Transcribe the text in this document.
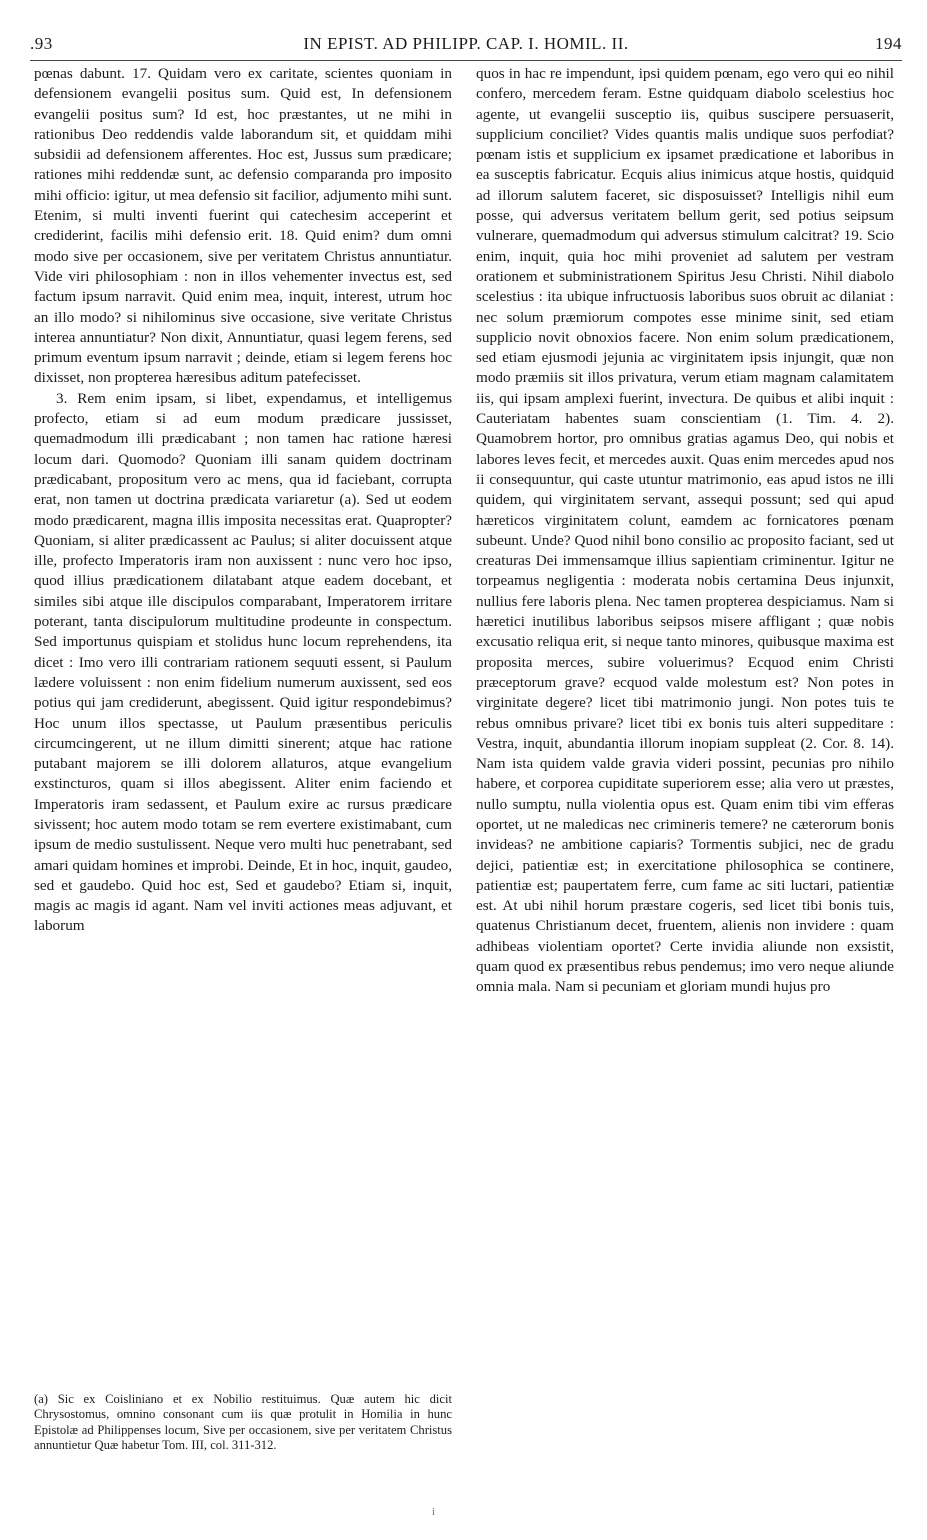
.93	IN EPIST. AD PHILIPP. CAP. I. HOMIL. II.	194

pœnas dabunt. 17. Quidam vero ex caritate, scientes quoniam in defensionem evangelii positus sum. Quid est, In defensionem evangelii positus sum? Id est, hoc præstantes, ut ne mihi in rationibus Deo reddendis valde laborandum sit, et quiddam mihi subsidii ad defensionem afferentes. Hoc est, Jussus sum prædicare; rationes mihi reddendæ sunt, ac defensio comparanda pro imposito mihi officio: igitur, ut mea defensio sit facilior, adjumento mihi sunt. Etenim, si multi inventi fuerint qui catechesim acceperint et crediderint, facilis mihi defensio erit. 18. Quid enim? dum omni modo sive per occasionem, sive per veritatem Christus annuntiatur. Vide viri philosophiam : non in illos vehementer invectus est, sed factum ipsum narravit. Quid enim mea, inquit, interest, utrum hoc an illo modo? si nihilominus sive occasione, sive veritate Christus interea annuntiatur? Non dixit, Annuntiatur, quasi legem ferens, sed primum eventum ipsum narravit ; deinde, etiam si legem ferens hoc dixisset, non propterea hæresibus aditum patefecisset.

3. Rem enim ipsam, si libet, expendamus, et intelligemus profecto, etiam si ad eum modum prædicare jussisset, quemadmodum illi prædicabant ; non tamen hac ratione hæresi locum dari. Quomodo? Quoniam illi sanam quidem doctrinam prædicabant, propositum vero ac mens, qua id faciebant, corrupta erat, non tamen ut doctrina prædicata variaretur (a). Sed ut eodem modo prædicarent, magna illis imposita necessitas erat. Quapropter? Quoniam, si aliter prædicassent ac Paulus; si aliter docuissent atque ille, profecto Imperatoris iram non auxissent : nunc vero hoc ipso, quod illius prædicationem dilatabant atque eadem docebant, et similes sibi atque ille discipulos comparabant, Imperatorem irritare poterant, tanta discipulorum multitudine prodeunte in conspectum. Sed importunus quispiam et stolidus hunc locum reprehendens, ita dicet : Imo vero illi contrariam rationem sequuti essent, si Paulum lædere voluissent : non enim fidelium numerum auxissent, sed eos potius qui jam crediderunt, abegissent. Quid igitur respondebimus? Hoc unum illos spectasse, ut Paulum præsentibus periculis circumcingerent, ut ne illum dimitti sinerent; atque hac ratione putabant majorem se illi dolorem allaturos, atque evangelium exstincturos, quam si illos abegissent. Aliter enim faciendo et Imperatoris iram sedassent, et Paulum exire ac rursus prædicare sivissent; hoc autem modo totam se rem evertere existimabant, cum ipsum de medio sustulissent. Neque vero multi huc penetrabant, sed amari quidam homines et improbi. Deinde, Et in hoc, inquit, gaudeo, sed et gaudebo. Quid hoc est, Sed et gaudebo? Etiam si, inquit, magis ac magis id agant. Nam vel inviti actiones meas adjuvant, et laborum

quos in hac re impendunt, ipsi quidem pœnam, ego vero qui eo nihil confero, mercedem feram. Estne quidquam diabolo scelestius hoc agente, ut evangelii susceptio iis, quibus suscipere persuaserit, supplicium conciliet? Vides quantis malis undique suos perfodiat? pœnam istis et supplicium ex ipsamet prædicatione et laboribus in ea susceptis fabricatur. Ecquis alius inimicus atque hostis, quidquid ad illorum salutem faceret, sic disposuisset? Intelligis nihil eum posse, qui adversus veritatem bellum gerit, sed potius seipsum vulnerare, quemadmodum qui adversus stimulum calcitrat? 19. Scio enim, inquit, quia hoc mihi proveniet ad salutem per vestram orationem et subministrationem Spiritus Jesu Christi. Nihil diabolo scelestius : ita ubique infructuosis laboribus suos obruit ac dilaniat : nec solum præmiorum compotes esse minime sinit, sed etiam supplicio novit obnoxios facere. Non enim solum prædicationem, sed etiam ejusmodi jejunia ac virginitatem ipsis injungit, quæ non modo præmiis sit illos privatura, verum etiam magnam calamitatem iis, qui ipsam amplexi fuerint, invectura. De quibus et alibi inquit : Cauteriatam habentes suam conscientiam (1. Tim. 4. 2). Quamobrem hortor, pro omnibus gratias agamus Deo, qui nobis et labores leves fecit, et mercedes auxit. Quas enim mercedes apud nos ii consequuntur, qui caste utuntur matrimonio, eas apud istos ne illi quidem, qui virginitatem servant, assequi possunt; sed qui apud hæreticos virginitatem colunt, eamdem ac fornicatores pœnam subeunt. Unde? Quod nihil bono consilio ac proposito faciant, sed ut creaturas Dei immensamque illius sapientiam criminentur. Igitur ne torpeamus negligentia : moderata nobis certamina Deus injunxit, nullius fere laboris plena. Nec tamen propterea despiciamus. Nam si hæretici inutilibus laboribus seipsos misere affligant ; quæ nobis excusatio reliqua erit, si neque tanto minores, quibusque maxima est proposita merces, subire voluerimus? Ecquod enim Christi præceptorum grave? ecquod valde molestum est? Non potes in virginitate degere? licet tibi matrimonio jungi. Non potes tuis te rebus omnibus privare? licet tibi ex bonis tuis alteri suppeditare : Vestra, inquit, abundantia illorum inopiam suppleat (2. Cor. 8. 14). Nam ista quidem valde gravia videri possint, pecunias pro nihilo habere, et corporea cupiditate superiorem esse; alia vero ut præstes, nullo sumptu, nulla violentia opus est. Quam enim tibi vim efferas oportet, ut ne maledicas nec crimineris temere? ne cæterorum bonis invideas? ne ambitione capiaris? Tormentis subjici, nec de gradu dejici, patientiæ est; in exercitatione philosophica se continere, patientiæ est; paupertatem ferre, cum fame ac siti luctari, patientiæ est. At ubi nihil horum præstare cogeris, sed licet tibi bonis tuis, quatenus Christianum decet, fruentem, alienis non invidere : quam adhibeas violentiam oportet? Certe invidia aliunde non exsistit, quam quod ex præsentibus rebus pendemus; imo vero neque aliunde omnia mala. Nam si pecuniam et gloriam mundi hujus pro

(a) Sic ex Coisliniano et ex Nobilio restituimus. Quæ autem hic dicit Chrysostomus, omnino consonant cum iis quæ protulit in Homilia in hunc Epistolæ ad Philippenses locum, Sive per occasionem, sive per veritatem Christus annuntietur Quæ habetur Tom. III, col. 311-312.
i
